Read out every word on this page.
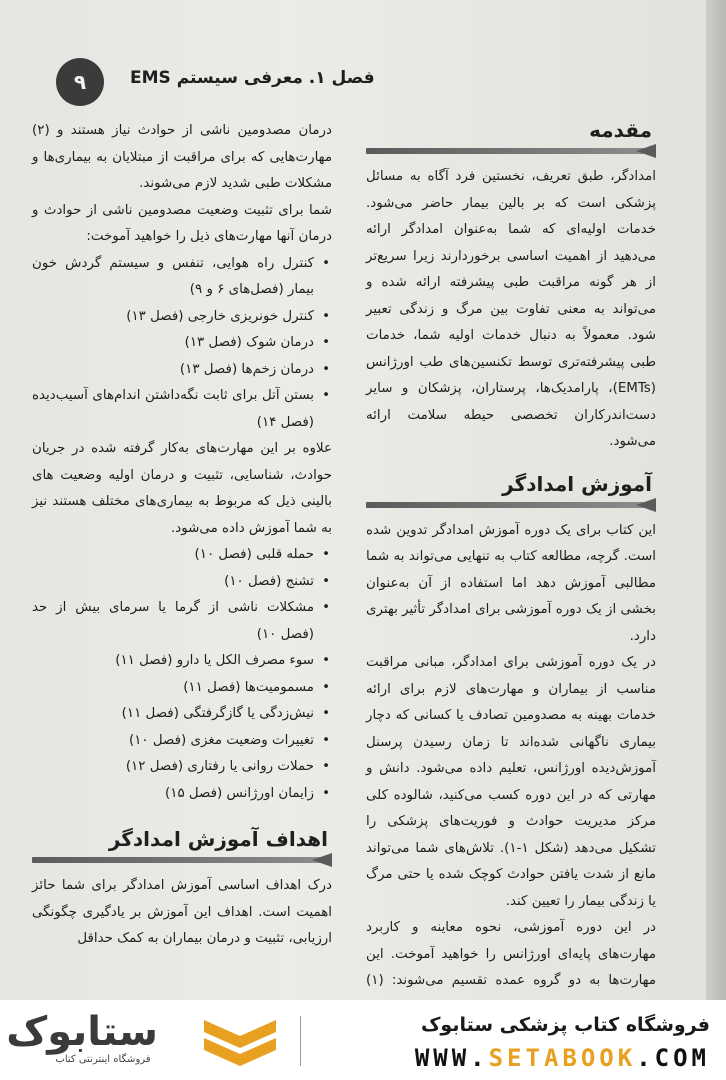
۹	فصل ۱. معرفی سیستم EMS
مقدمه

امدادگر، طبق تعریف، نخستین فرد آگاه به مسائل پزشکی است که بر بالین بیمار حاضر می‌شود. خدمات اولیه‌ای که شما به‌عنوان امدادگر ارائه می‌دهید از اهمیت اساسی برخوردارند زیرا سریع‌تر از هر گونه مراقبت طبی پیشرفته ارائه شده و می‌تواند به معنی تفاوت بین مرگ و زندگی تعبیر شود. معمولاً به دنبال خدمات اولیه شما، خدمات طبی پیشرفته‌تری توسط تکنسین‌های طب اورژانس (EMTs)، پارامدیک‌ها، پرستاران، پزشکان و سایر دست‌اندرکاران تخصصی حیطه سلامت ارائه می‌شود.

آموزش امدادگر

این کتاب برای یک دوره آموزش امدادگر تدوین شده است. گرچه، مطالعه کتاب به تنهایی می‌تواند به شما مطالبی آموزش دهد اما استفاده از آن به‌عنوان بخشی از یک دوره آموزشی برای امدادگر تأثیر بهتری دارد.

در یک دوره آموزشی برای امدادگر، مبانی مراقبت مناسب از بیماران و مهارت‌های لازم برای ارائه خدمات بهینه به مصدومین تصادف یا کسانی که دچار بیماری ناگهانی شده‌اند تا زمان رسیدن پرسنل آموزش‌دیده اورژانس، تعلیم داده می‌شود. دانش و مهارتی که در این دوره کسب می‌کنید، شالوده کلی مرکز مدیریت حوادث و فوریت‌های پزشکی را تشکیل می‌دهد (شکل ۱-۱). تلاش‌های شما می‌تواند مانع از شدت یافتن حوادث کوچک شده یا حتی مرگ یا زندگی بیمار را تعیین کند.

در این دوره آموزشی، نحوه معاینه و کاربرد مهارت‌های پایه‌ای اورژانس را خواهید آموخت. این مهارت‌ها به دو گروه عمده تقسیم می‌شوند: (۱)

درمان مصدومین ناشی از حوادث نیاز هستند و (۲) مهارت‌هایی که برای مراقبت از مبتلایان به بیماری‌ها و مشکلات طبی شدید لازم می‌شوند.

شما برای تثبیت وضعیت مصدومین ناشی از حوادث و درمان آنها مهارت‌های ذیل را خواهید آموخت:

• کنترل راه هوایی، تنفس و سیستم گردش خون بیمار (فصل‌های ۶ و ۹)
• کنترل خونریزی خارجی (فصل ۱۳)
• درمان شوک (فصل ۱۳)
• درمان زخم‌ها (فصل ۱۳)
• بستن آتل برای ثابت نگه‌داشتن اندام‌های آسیب‌دیده (فصل ۱۴)

علاوه بر این مهارت‌های به‌کار گرفته شده در جریان حوادث، شناسایی، تثبیت و درمان اولیه وضعیت های بالینی ذیل که مربوط به بیماری‌های مختلف هستند نیز به شما آموزش داده می‌شود.

• حمله قلبی (فصل ۱۰)
• تشنج (فصل ۱۰)
• مشکلات ناشی از گرما یا سرمای بیش از حد (فصل ۱۰)
• سوء مصرف الکل یا دارو (فصل ۱۱)
• مسمومیت‌ها (فصل ۱۱)
• نیش‌زدگی یا گازگرفتگی (فصل ۱۱)
• تغییرات وضعیت مغزی (فصل ۱۰)
• حملات روانی یا رفتاری (فصل ۱۲)
• زایمان اورژانس (فصل ۱۵)
اهداف آموزش امدادگر

درک اهداف اساسی آموزش امدادگر برای شما حائز اهمیت است. اهداف این آموزش بر یادگیری چگونگی ارزیابی، تثبیت و درمان بیماران به کمک حداقل

ستابوک
فروشگاه اینترنتی کتاب
فروشگاه کتاب پزشکی ستابوک
WWW.SETABOOK.COM
